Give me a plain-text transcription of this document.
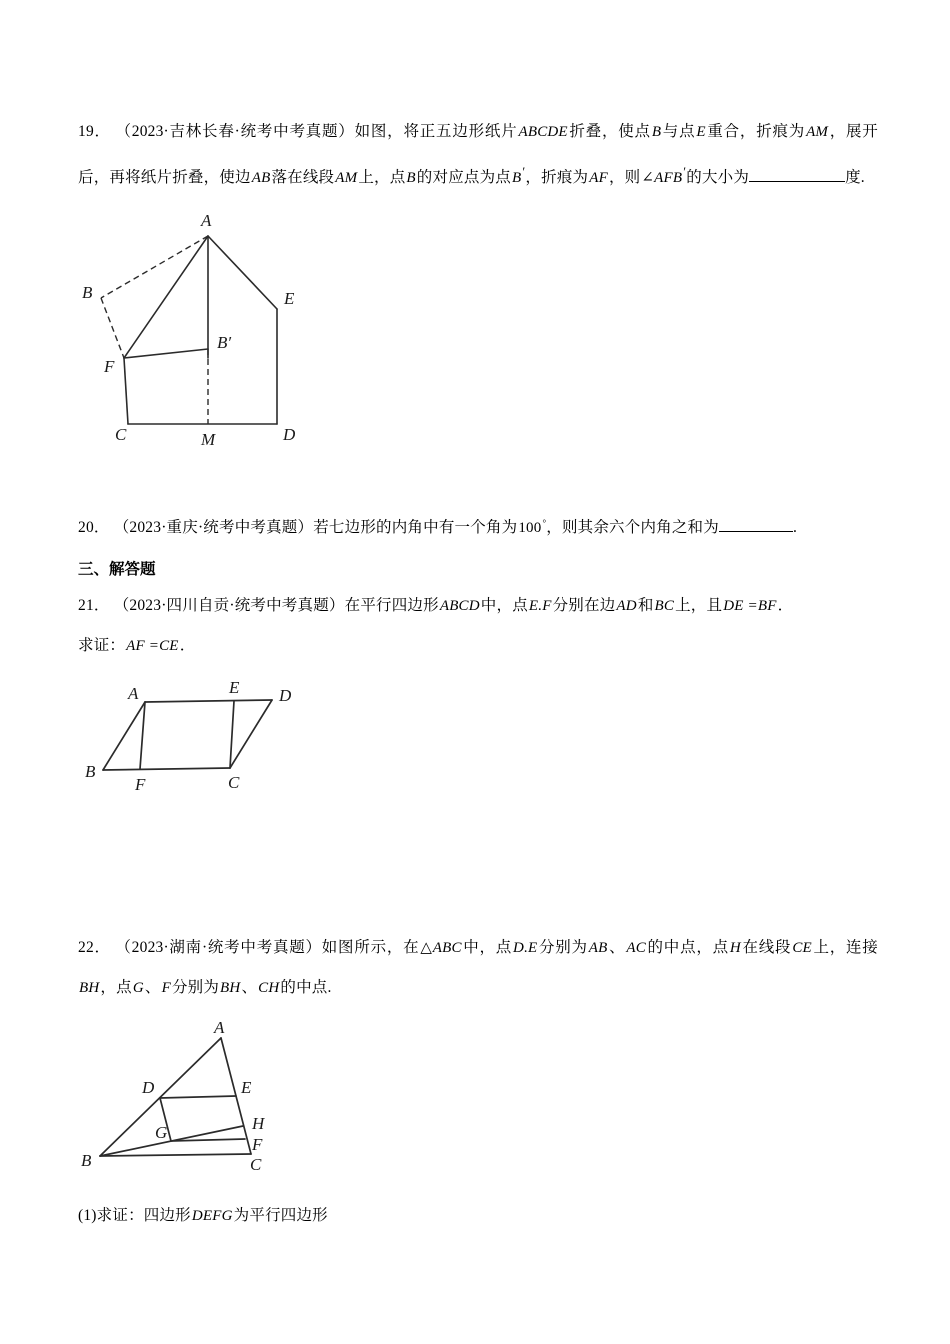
19． （2023·吉林长春·统考中考真题）如图，将正五边形纸片ABCDE折叠，使点B与点E重合，折痕为AM，展开后，再将纸片折叠，使边AB落在线段AM上，点B的对应点为点B′，折痕为AF，则∠AFB′的大小为	度.
A
B
B′
C	D
E
F
M
20． （2023·重庆·统考中考真题）若七边形的内角中有一个角为100°，则其余六个内角之和为	.
三、解答题
21． （2023·四川自贡·统考中考真题）在平行四边形ABCD中，点E.F分别在边AD和BC上，且DE =BF．
求证：AF =CE．
A	E D
B
F	C
22． （2023·湖南·统考中考真题）如图所示，在△ABC中，点D.E分别为AB、AC的中点，点H在线段CE上，连接BH，点G、F分别为BH、CH的中点.
A
B	C
D	E
F
G	H
(1)求证：四边形DEFG为平行四边形
